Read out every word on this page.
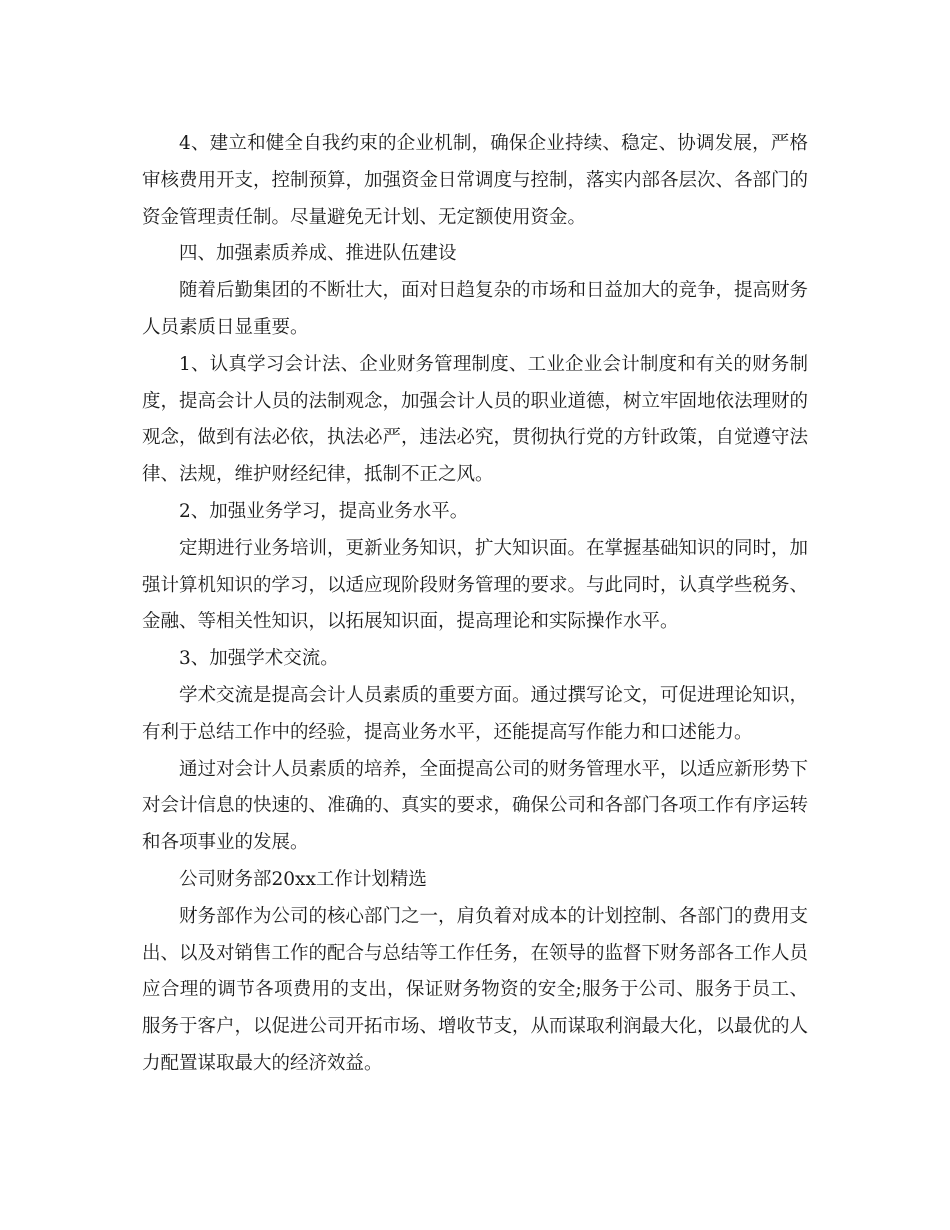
4、建立和健全自我约束的企业机制，确保企业持续、稳定、协调发展，严格审核费用开支，控制预算，加强资金日常调度与控制，落实内部各层次、各部门的资金管理责任制。尽量避免无计划、无定额使用资金。

四、加强素质养成、推进队伍建设

随着后勤集团的不断壮大，面对日趋复杂的市场和日益加大的竞争，提高财务人员素质日显重要。

1、认真学习会计法、企业财务管理制度、工业企业会计制度和有关的财务制度，提高会计人员的法制观念，加强会计人员的职业道德，树立牢固地依法理财的观念，做到有法必依，执法必严，违法必究，贯彻执行党的方针政策，自觉遵守法律、法规，维护财经纪律，抵制不正之风。

2、加强业务学习，提高业务水平。

定期进行业务培训，更新业务知识，扩大知识面。在掌握基础知识的同时，加强计算机知识的学习，以适应现阶段财务管理的要求。与此同时，认真学些税务、金融、等相关性知识，以拓展知识面，提高理论和实际操作水平。

3、加强学术交流。

学术交流是提高会计人员素质的重要方面。通过撰写论文，可促进理论知识，有利于总结工作中的经验，提高业务水平，还能提高写作能力和口述能力。

通过对会计人员素质的培养，全面提高公司的财务管理水平，以适应新形势下对会计信息的快速的、准确的、真实的要求，确保公司和各部门各项工作有序运转和各项事业的发展。

公司财务部20xx工作计划精选

财务部作为公司的核心部门之一，肩负着对成本的计划控制、各部门的费用支出、以及对销售工作的配合与总结等工作任务，在领导的监督下财务部各工作人员应合理的调节各项费用的支出，保证财务物资的安全;服务于公司、服务于员工、服务于客户，以促进公司开拓市场、增收节支，从而谋取利润最大化，以最优的人力配置谋取最大的经济效益。
